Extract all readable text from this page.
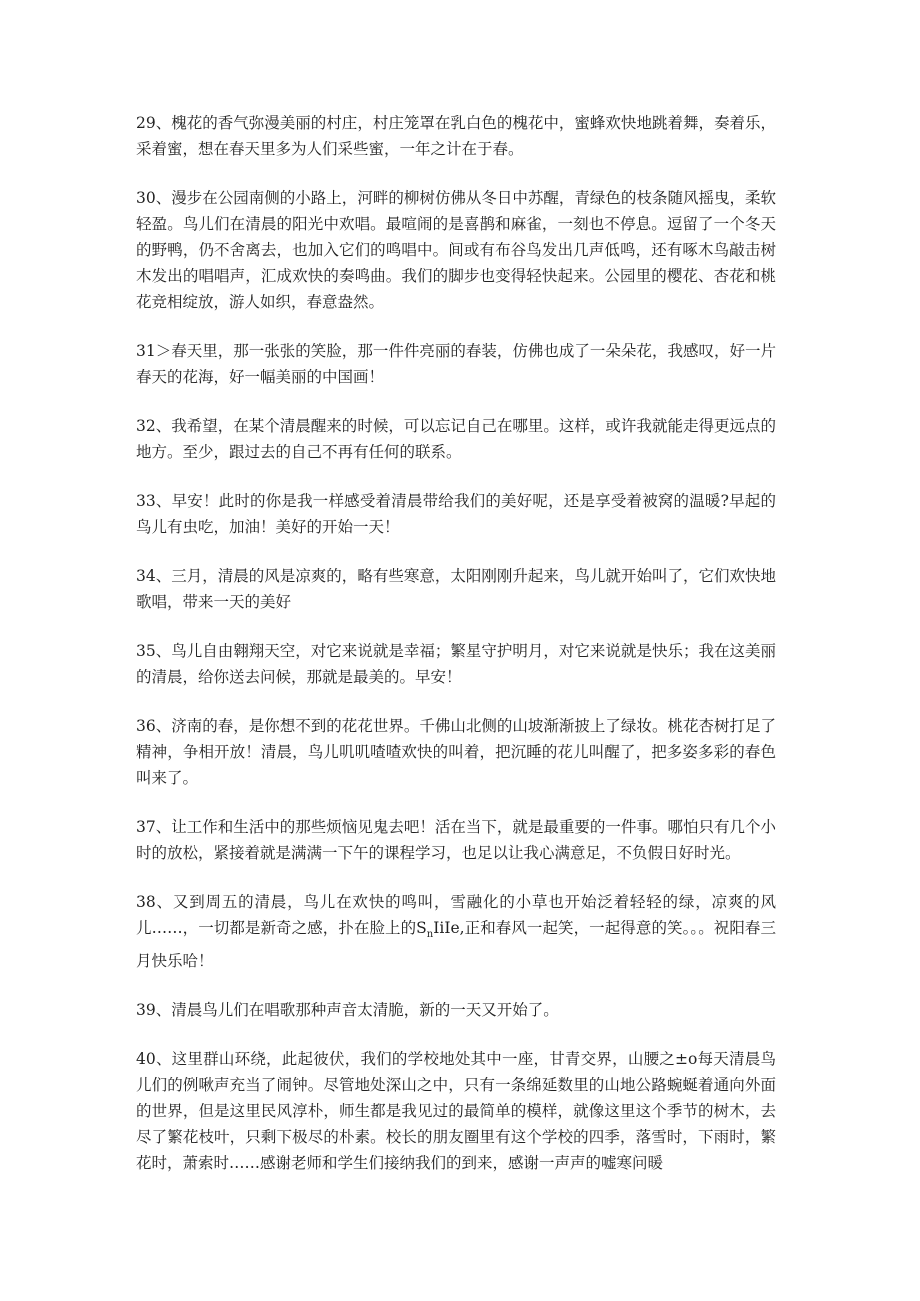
29、槐花的香气弥漫美丽的村庄，村庄笼罩在乳白色的槐花中，蜜蜂欢快地跳着舞，奏着乐，采着蜜，想在春天里多为人们采些蜜，一年之计在于春。

30、漫步在公园南侧的小路上，河畔的柳树仿佛从冬日中苏醒，青绿色的枝条随风摇曳，柔软轻盈。鸟儿们在清晨的阳光中欢唱。最喧闹的是喜鹊和麻雀，一刻也不停息。逗留了一个冬天的野鸭，仍不舍离去，也加入它们的鸣唱中。间或有布谷鸟发出几声低鸣，还有啄木鸟敲击树木发出的唱唱声，汇成欢快的奏鸣曲。我们的脚步也变得轻快起来。公园里的樱花、杏花和桃花竞相绽放，游人如织，春意盎然。

31＞春天里，那一张张的笑脸，那一件件亮丽的春装，仿佛也成了一朵朵花，我感叹，好一片春天的花海，好一幅美丽的中国画！

32、我希望，在某个清晨醒来的时候，可以忘记自己在哪里。这样，或许我就能走得更远点的地方。至少，跟过去的自己不再有任何的联系。

33、早安！此时的你是我一样感受着清晨带给我们的美好呢，还是享受着被窝的温暖?早起的鸟儿有虫吃，加油！美好的开始一天！

34、三月，清晨的风是凉爽的，略有些寒意，太阳刚刚升起来，鸟儿就开始叫了，它们欢快地歌唱，带来一天的美好

35、鸟儿自由翱翔天空，对它来说就是幸福；繁星守护明月，对它来说就是快乐；我在这美丽的清晨，给你送去问候，那就是最美的。早安！

36、济南的春，是你想不到的花花世界。千佛山北侧的山坡渐渐披上了绿妆。桃花杏树打足了精神，争相开放！清晨，鸟儿叽叽喳喳欢快的叫着，把沉睡的花儿叫醒了，把多姿多彩的春色叫来了。

37、让工作和生活中的那些烦恼见鬼去吧！活在当下，就是最重要的一件事。哪怕只有几个小时的放松，紧接着就是满满一下午的课程学习，也足以让我心满意足，不负假日好时光。

38、又到周五的清晨，鸟儿在欢快的鸣叫，雪融化的小草也开始泛着轻轻的绿，凉爽的风儿……，一切都是新奇之感，扑在脸上的$S_nIiIe$,正和春风一起笑，一起得意的笑。。。祝阳春三月快乐哈！

39、清晨鸟儿们在唱歌那种声音太清脆，新的一天又开始了。

40、这里群山环绕，此起彼伏，我们的学校地处其中一座，甘青交界，山腰之±o每天清晨鸟儿们的例啾声充当了闹钟。尽管地处深山之中，只有一条绵延数里的山地公路蜿蜒着通向外面的世界，但是这里民风淳朴，师生都是我见过的最简单的模样，就像这里这个季节的树木，去尽了繁花枝叶，只剩下极尽的朴素。校长的朋友圈里有这个学校的四季，落雪时，下雨时，繁花时，萧索时……感谢老师和学生们接纳我们的到来，感谢一声声的嘘寒问暖
